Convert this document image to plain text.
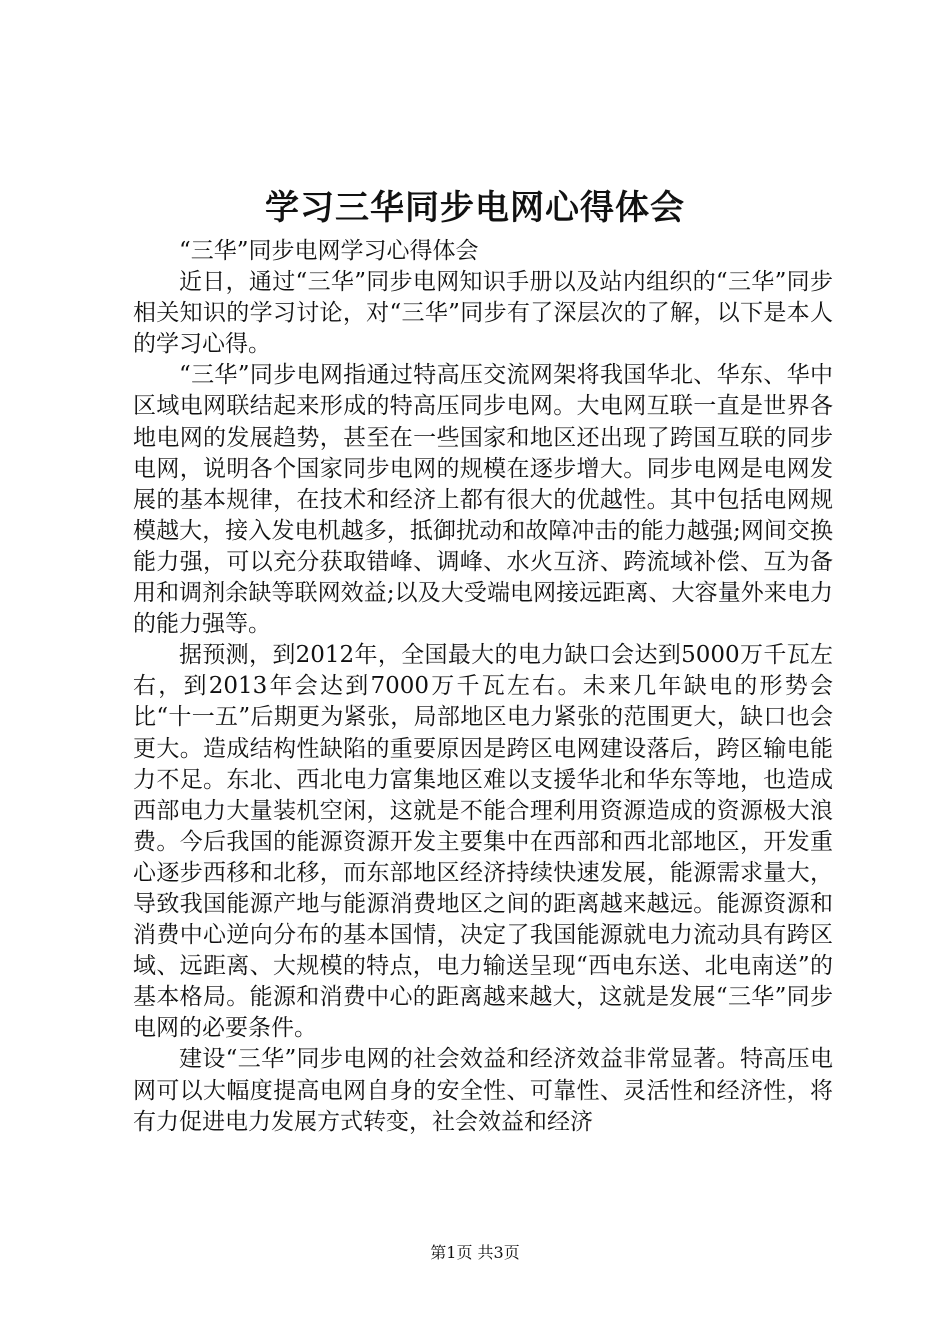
学习三华同步电网心得体会

“三华”同步电网学习心得体会

近日，通过“三华”同步电网知识手册以及站内组织的“三华”同步相关知识的学习讨论，对“三华”同步有了深层次的了解，以下是本人的学习心得。

“三华”同步电网指通过特高压交流网架将我国华北、华东、华中区域电网联结起来形成的特高压同步电网。大电网互联一直是世界各地电网的发展趋势，甚至在一些国家和地区还出现了跨国互联的同步电网，说明各个国家同步电网的规模在逐步增大。同步电网是电网发展的基本规律，在技术和经济上都有很大的优越性。其中包括电网规模越大，接入发电机越多，抵御扰动和故障冲击的能力越强;网间交换能力强，可以充分获取错峰、调峰、水火互济、跨流域补偿、互为备用和调剂余缺等联网效益;以及大受端电网接远距离、大容量外来电力的能力强等。

据预测，到2012年，全国最大的电力缺口会达到5000万千瓦左右，到2013年会达到7000万千瓦左右。未来几年缺电的形势会比“十一五”后期更为紧张，局部地区电力紧张的范围更大，缺口也会更大。造成结构性缺陷的重要原因是跨区电网建设落后，跨区输电能力不足。东北、西北电力富集地区难以支援华北和华东等地，也造成西部电力大量装机空闲，这就是不能合理利用资源造成的资源极大浪费。今后我国的能源资源开发主要集中在西部和西北部地区，开发重心逐步西移和北移，而东部地区经济持续快速发展，能源需求量大，导致我国能源产地与能源消费地区之间的距离越来越远。能源资源和消费中心逆向分布的基本国情，决定了我国能源就电力流动具有跨区域、远距离、大规模的特点，电力输送呈现“西电东送、北电南送”的基本格局。能源和消费中心的距离越来越大，这就是发展“三华”同步电网的必要条件。

建设“三华”同步电网的社会效益和经济效益非常显著。特高压电网可以大幅度提高电网自身的安全性、可靠性、灵活性和经济性，将有力促进电力发展方式转变，社会效益和经济

第1页 共3页
